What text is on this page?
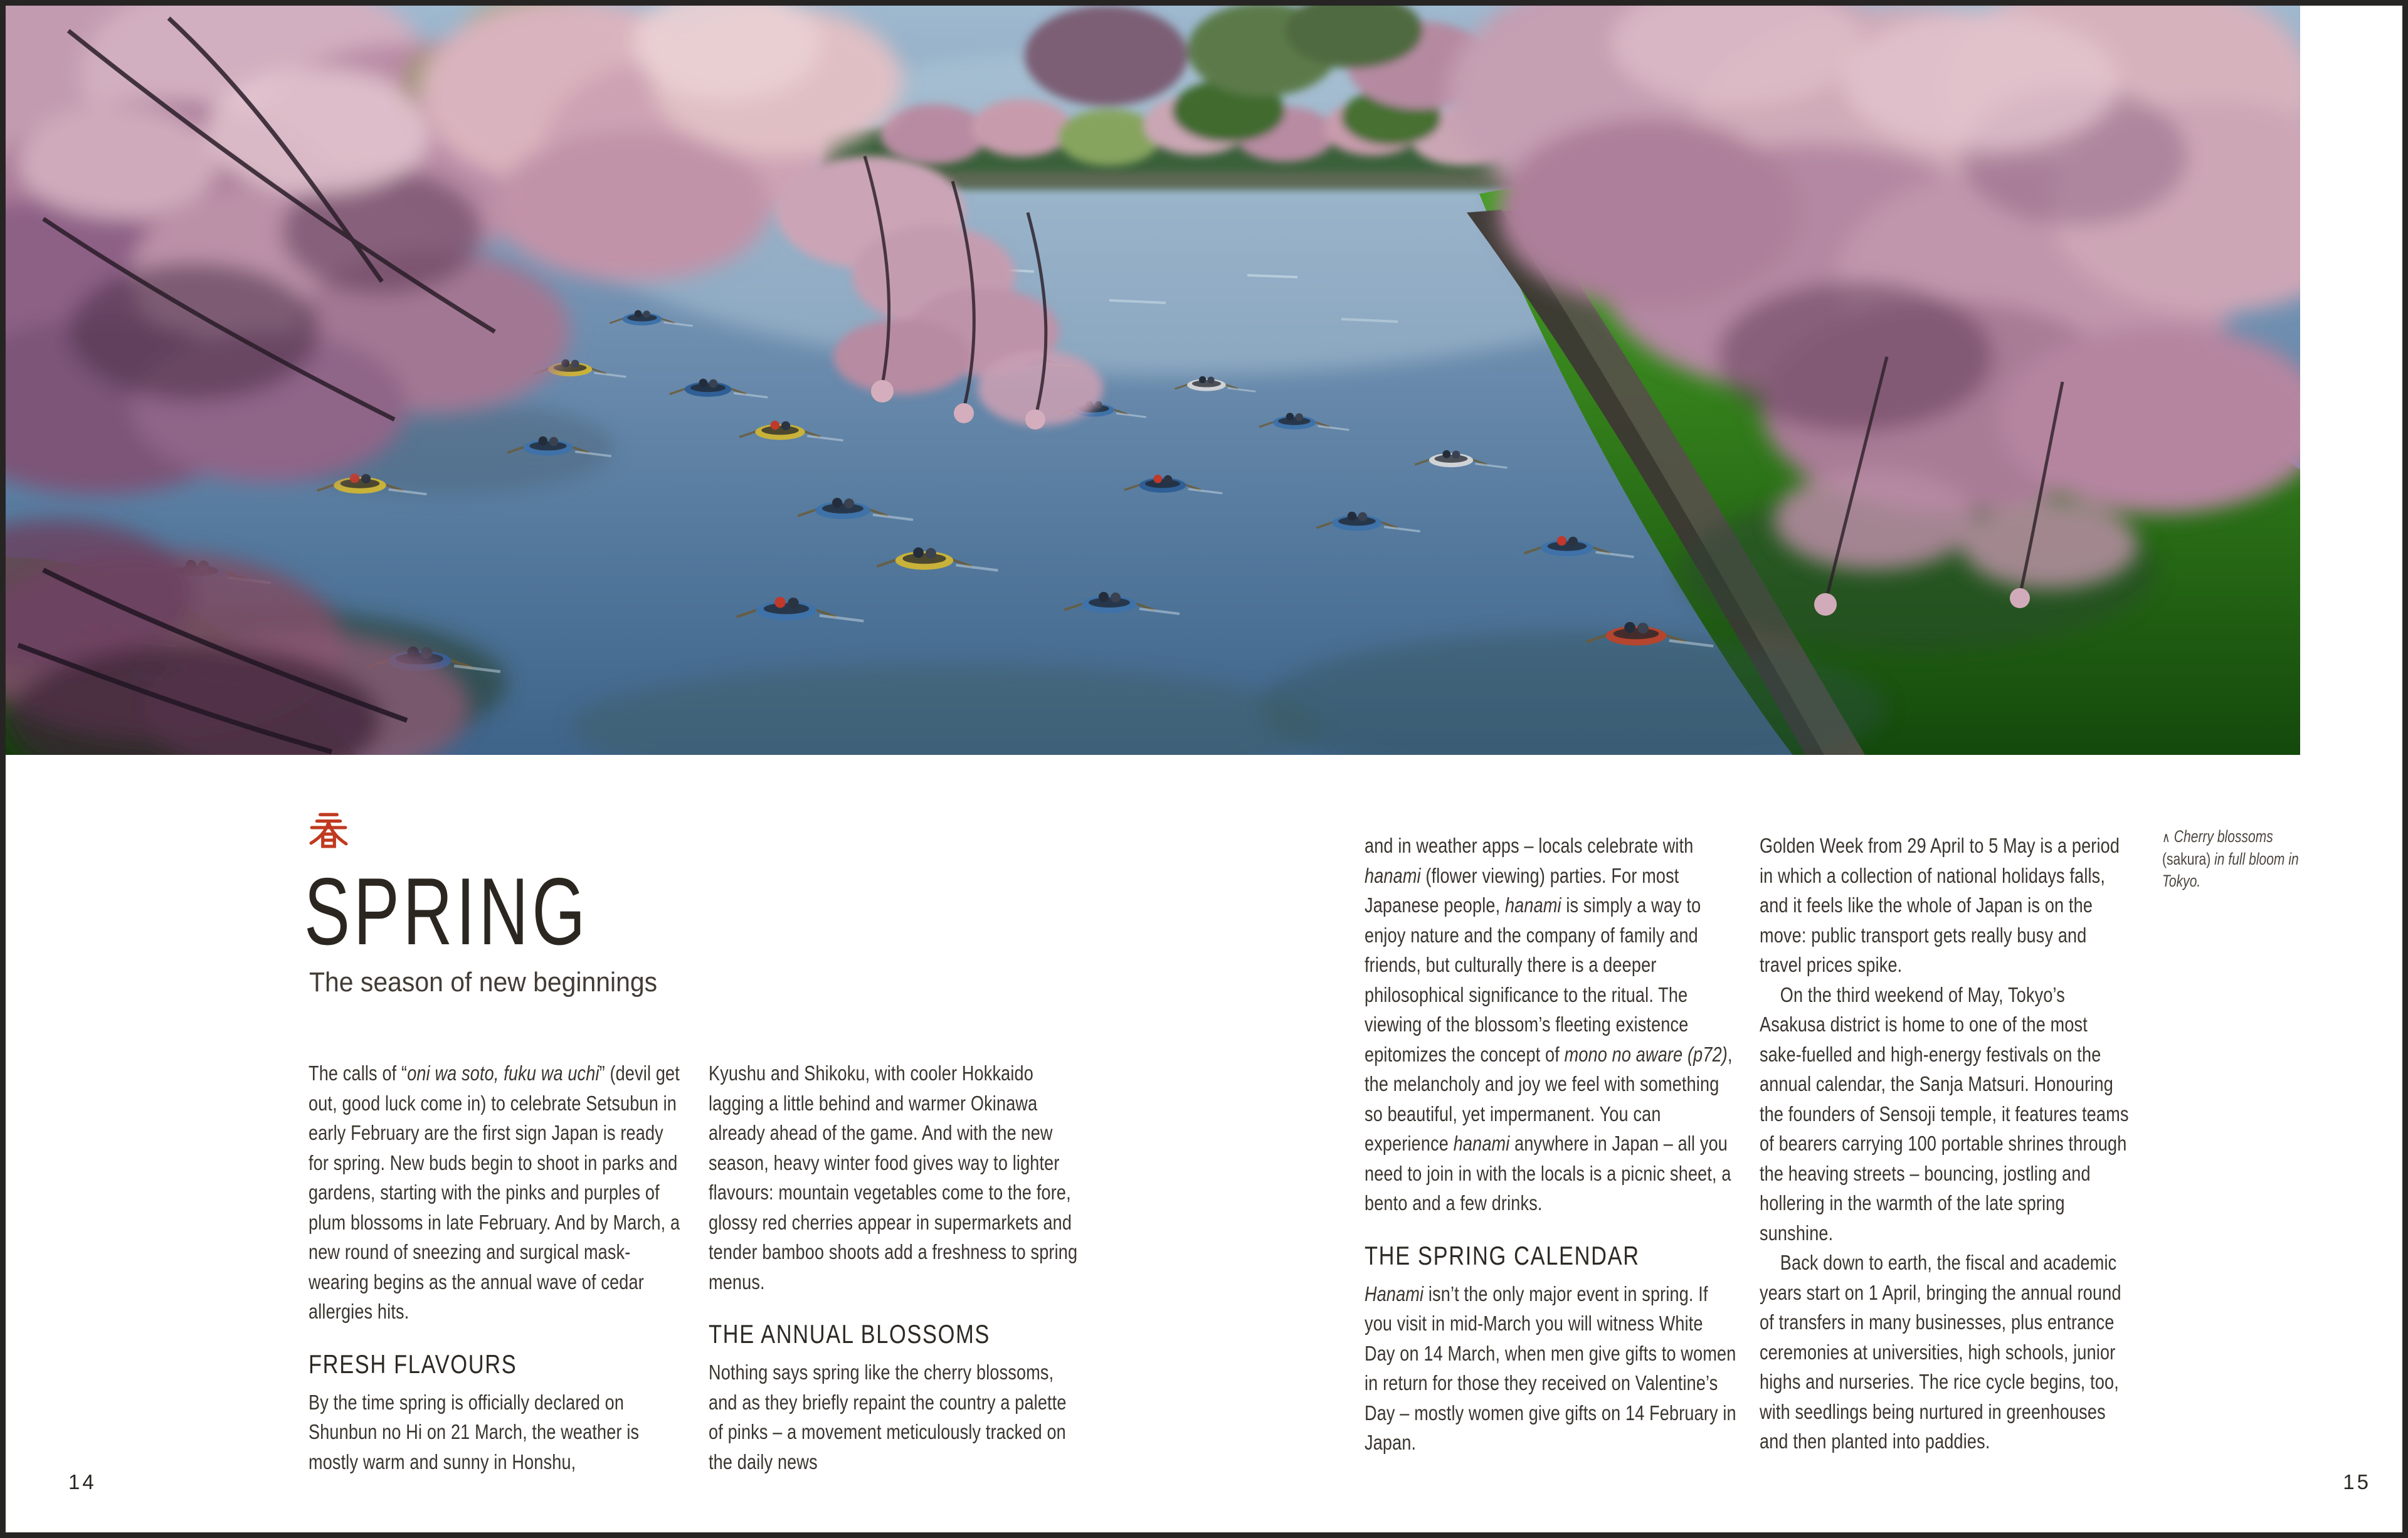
SPRING
The season of new beginnings

The calls of “oni wa soto, fuku wa uchi” (devil get out, good luck come in) to celebrate Setsubun in early February are the first sign Japan is ready for spring. New buds begin to shoot in parks and gardens, starting with the pinks and purples of plum blossoms in late February. And by March, a new round of sneezing and surgical mask-wearing begins as the annual wave of cedar allergies hits.

FRESH FLAVOURS

By the time spring is officially declared on Shunbun no Hi on 21 March, the weather is mostly warm and sunny in Honshu,

Kyushu and Shikoku, with cooler Hokkaido lagging a little behind and warmer Okinawa already ahead of the game. And with the new season, heavy winter food gives way to lighter flavours: mountain vegetables come to the fore, glossy red cherries appear in supermarkets and tender bamboo shoots add a freshness to spring menus.

THE ANNUAL BLOSSOMS

Nothing says spring like the cherry blossoms, and as they briefly repaint the country a palette of pinks – a movement meticulously tracked on the daily news

and in weather apps – locals celebrate with hanami (flower viewing) parties. For most Japanese people, hanami is simply a way to enjoy nature and the company of family and friends, but culturally there is a deeper philosophical significance to the ritual. The viewing of the blossom’s fleeting existence epitomizes the concept of mono no aware (p72), the melancholy and joy we feel with something so beautiful, yet impermanent. You can experience hanami anywhere in Japan – all you need to join in with the locals is a picnic sheet, a bento and a few drinks.

THE SPRING CALENDAR

Hanami isn’t the only major event in spring. If you visit in mid-March you will witness White Day on 14 March, when men give gifts to women in return for those they received on Valentine’s Day – mostly women give gifts on 14 February in Japan.

Golden Week from 29 April to 5 May is a period in which a collection of national holidays falls, and it feels like the whole of Japan is on the move: public transport gets really busy and travel prices spike.

On the third weekend of May, Tokyo’s Asakusa district is home to one of the most sake-fuelled and high-energy festivals on the annual calendar, the Sanja Matsuri. Honouring the founders of Sensoji temple, it features teams of bearers carrying 100 portable shrines through the heaving streets – bouncing, jostling and hollering in the warmth of the late spring sunshine.

Back down to earth, the fiscal and academic years start on 1 April, bringing the annual round of transfers in many businesses, plus entrance ceremonies at universities, high schools, junior highs and nurseries. The rice cycle begins, too, with seedlings being nurtured in greenhouses and then planted into paddies.

∧ Cherry blossoms (sakura) in full bloom in Tokyo.
14	15
